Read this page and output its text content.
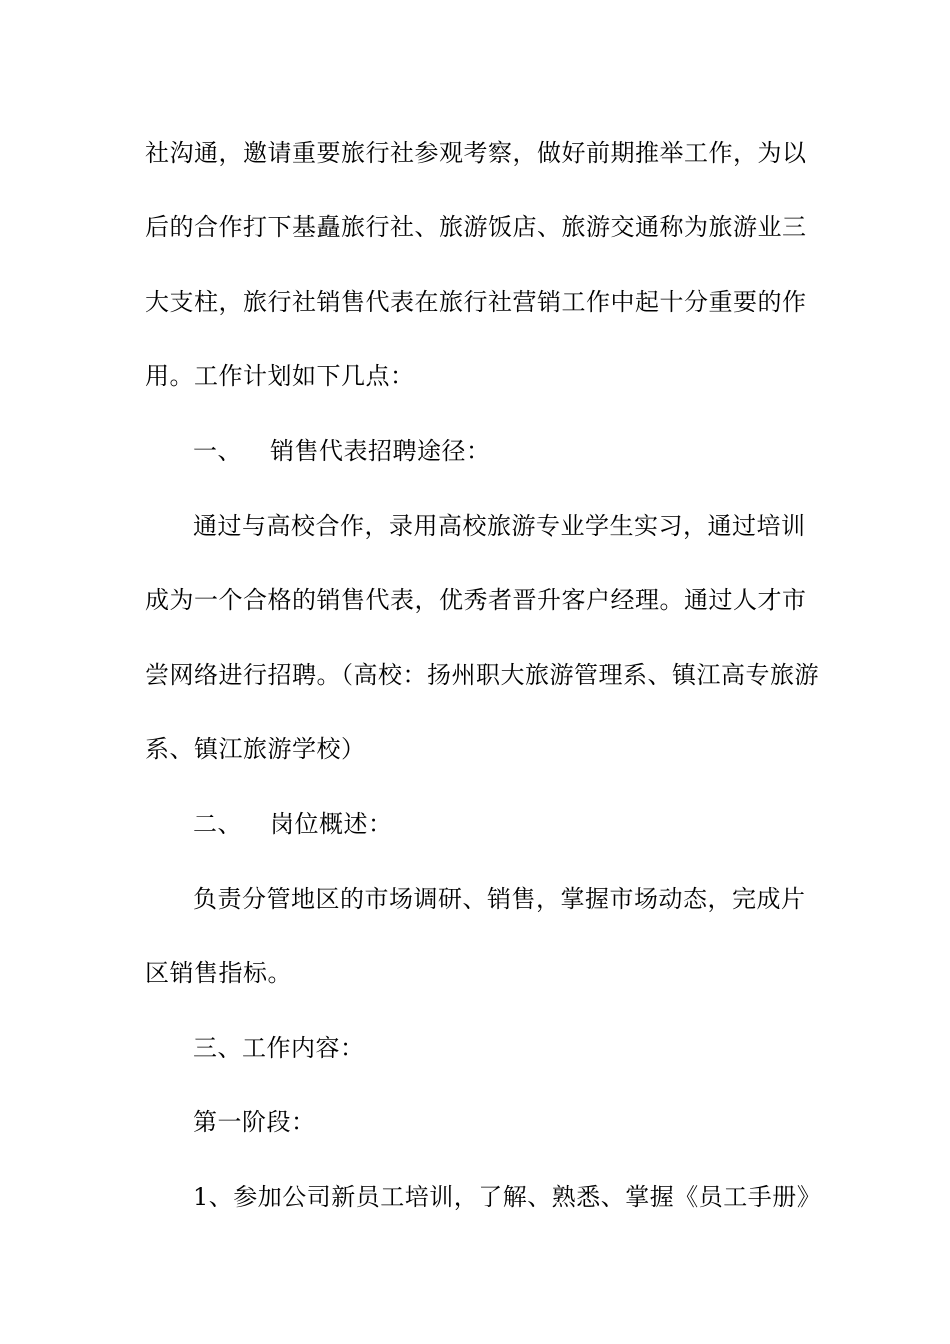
社沟通，邀请重要旅行社参观考察，做好前期推举工作，为以
后的合作打下基矗旅行社、旅游饭店、旅游交通称为旅游业三
大支柱，旅行社销售代表在旅行社营销工作中起十分重要的作
用。工作计划如下几点：
一、 销售代表招聘途径：
通过与高校合作，录用高校旅游专业学生实习，通过培训
成为一个合格的销售代表，优秀者晋升客户经理。通过人才市
尝网络进行招聘。（高校：扬州职大旅游管理系、镇江高专旅游
系、镇江旅游学校）
二、 岗位概述：
负责分管地区的市场调研、销售，掌握市场动态，完成片
区销售指标。
三、工作内容：
第一阶段：
1、参加公司新员工培训，了解、熟悉、掌握《员工手册》
